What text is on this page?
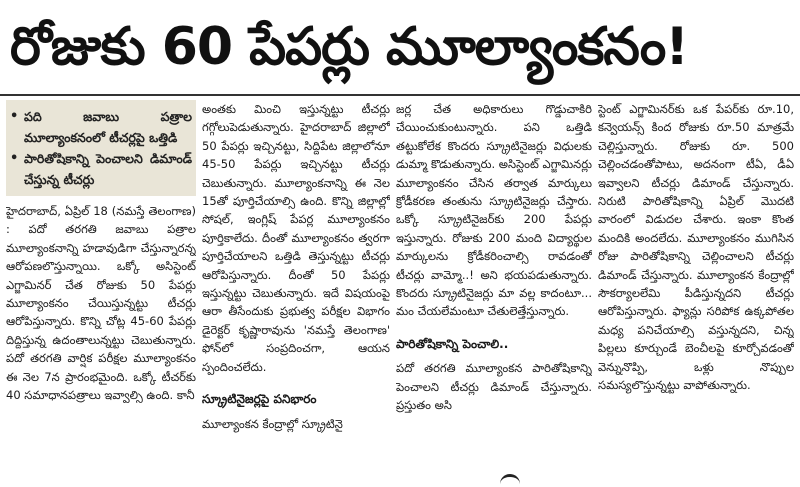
రోజుకు 60 పేపర్లు మూల్యాంకనం!
• పది జవాబు పత్రాల మూల్యాంకనంలో టీచర్లపై ఒత్తిడి
• పారితోషికాన్ని పెంచాలని డిమాండ్ చేస్తున్న టీచర్లు

హైదరాబాద్, ఏప్రిల్ 18 (నమస్తే తెలంగాణ) : పదో తరగతి జవాబు పత్రాల మూల్యాంకనాన్ని హడావుడిగా చేస్తున్నారన్న ఆరోపణలొస్తున్నాయి. ఒక్కో అసిస్టెంట్ ఎగ్జామినర్ చేత రోజుకు 50 పేపర్లు మూల్యాంకనం చేయిస్తున్నట్టు టీచర్లు ఆరోపిస్తున్నారు. కొన్ని చోట్ల 45-60 పేపర్లు దిద్దిస్తున్న ఉదంతాలున్నట్టు చెబుతున్నారు. పదో తరగతి వార్షిక పరీక్షల మూల్యాంకనం ఈ నెల 7న ప్రారంభమైంది. ఒక్కో టీచర్‌కు 40 సమాధానపత్రాలు ఇవ్వాల్సి ఉంది. కానీ

అంతకు మించి ఇస్తున్నట్టు టీచర్లు గగ్గోలుపెడుతున్నారు. హైదరాబాద్ జిల్లాలో 50 పేపర్లు ఇచ్చినట్టు, సిద్దిపేట జిల్లాలోనూ 45-50 పేపర్లు ఇచ్చినట్టు టీచర్లు చెబుతున్నారు. మూల్యాంకనాన్ని ఈ నెల 15తో పూర్తిచేయాల్సి ఉంది. కొన్ని జిల్లాల్లో సోషల్, ఇంగ్లిష్ పేపర్ల మూల్యాంకనం పూర్తికాలేదు. దీంతో మూల్యాంకనం త్వరగా పూర్తిచేయాలని ఒత్తిడి తెస్తున్నట్టు టీచర్లు ఆరోపిస్తున్నారు. దీంతో 50 పేపర్లు ఇస్తున్నట్టు చెబుతున్నారు. ఇదే విషయంపై ఆరా తీసేందుకు ప్రభుత్వ పరీక్షల విభాగం డైరెక్టర్ కృష్ణారావును 'నమస్తే తెలంగాణ' ఫోన్‌లో సంప్రదించగా, ఆయన స్పందించలేదు.

స్క్రూటినైజర్లపై పనిభారం

మూల్యాంకన కేంద్రాల్లో స్క్రూటినై

జర్ల చేత అధికారులు గొడ్డుచాకిరి చేయించుకుంటున్నారు. పని ఒత్తిడి తట్టుకోలేక కొందరు స్క్రూటినైజర్లు విధులకు డుమ్మా కొడుతున్నారు. అసిస్టెంట్ ఎగ్జామినర్లు మూల్యాంకనం చేసిన తర్వాత మార్కులు క్రోడీకరణ తంతును స్క్రూటినైజర్లు చేస్తారు. ఒక్కో స్క్రూటినైజర్‌కు 200 పేపర్లు ఇస్తున్నారు. రోజుకు 200 మంది విద్యార్థుల మార్కులను క్రోడీకరించాల్సి రావడంతో టీచర్లు వామ్మో..! అని భయపడుతున్నారు. కొందరు స్క్రూటినైజర్లు మా వల్ల కాదంటూ... మం చేయలేమంటూ చేతులెత్తేస్తున్నారు.

పారితోషికాన్ని పెంచాలి..

పదో తరగతి మూల్యాంకన పారితోషికాన్ని పెంచాలని టీచర్లు డిమాండ్ చేస్తున్నారు. ప్రస్తుతం అసి

స్టెంట్ ఎగ్జామినర్‌కు ఒక పేపర్‌కు రూ.10, కన్వెయన్స్ కింద రోజుకు రూ.50 మాత్రమే చెల్లిస్తున్నారు. రోజుకు రూ. 500 చెల్లించడంతోపాటు, అదనంగా టీఏ, డీఏ ఇవ్వాలని టీచర్లు డిమాండ్ చేస్తున్నారు. నిరుటి పారితోషికాన్ని ఏప్రిల్ మొదటి వారంలో విడుదల చేశారు. ఇంకా కొంత మందికి అందలేదు. మూల్యాంకనం ముగిసిన రోజు పారితోషికాన్ని చెల్లించాలని టీచర్లు డిమాండ్ చేస్తున్నారు. మూల్యాంకన కేంద్రాల్లో సౌకర్యాలలేమి పీడిస్తున్నదని టీచర్లు ఆరోపిస్తున్నారు. ఫ్యాన్లు సరిపోక ఉక్కపోతల మధ్య పనిచేయాల్సి వస్తున్నదని, చిన్న పిల్లలు కూర్చుండే బెంచీలపై కూర్చోవడంతో వెన్నునొప్పి, ఒళ్లు నొప్పుల సమస్యలొస్తున్నట్టు వాపోతున్నారు.
